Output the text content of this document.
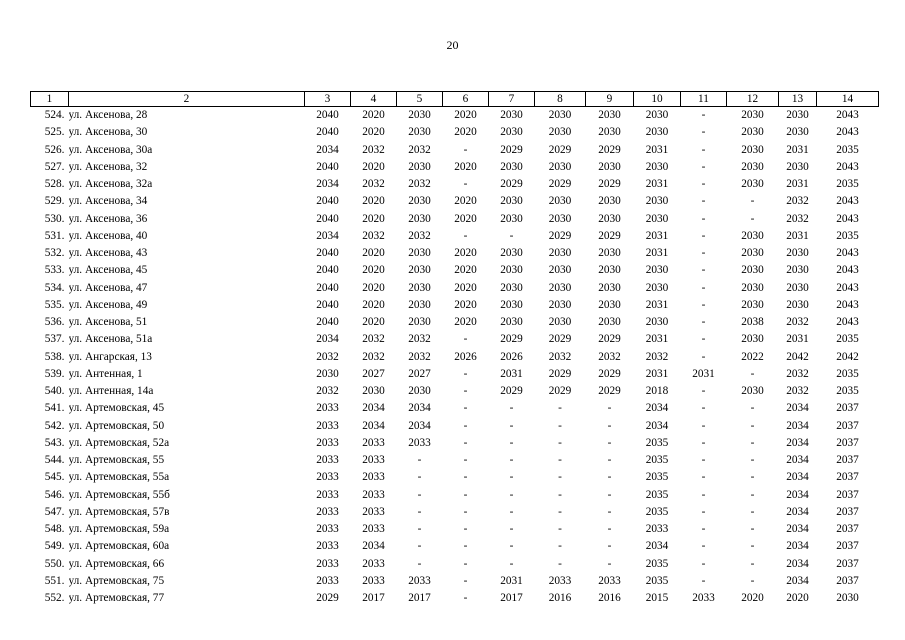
20
1	2	3	4	5	6	7	8	9	10	11	12	13	14
524.	ул. Аксенова, 28	2040	2020	2030	2020	2030	2030	2030	2030	-	2030	2030	2043
525.	ул. Аксенова, 30	2040	2020	2030	2020	2030	2030	2030	2030	-	2030	2030	2043
526.	ул. Аксенова, 30а	2034	2032	2032	-	2029	2029	2029	2031	-	2030	2031	2035
527.	ул. Аксенова, 32	2040	2020	2030	2020	2030	2030	2030	2030	-	2030	2030	2043
528.	ул. Аксенова, 32а	2034	2032	2032	-	2029	2029	2029	2031	-	2030	2031	2035
529.	ул. Аксенова, 34	2040	2020	2030	2020	2030	2030	2030	2030	-	-	2032	2043
530.	ул. Аксенова, 36	2040	2020	2030	2020	2030	2030	2030	2030	-	-	2032	2043
531.	ул. Аксенова, 40	2034	2032	2032	-	-	2029	2029	2031	-	2030	2031	2035
532.	ул. Аксенова, 43	2040	2020	2030	2020	2030	2030	2030	2031	-	2030	2030	2043
533.	ул. Аксенова, 45	2040	2020	2030	2020	2030	2030	2030	2030	-	2030	2030	2043
534.	ул. Аксенова, 47	2040	2020	2030	2020	2030	2030	2030	2030	-	2030	2030	2043
535.	ул. Аксенова, 49	2040	2020	2030	2020	2030	2030	2030	2031	-	2030	2030	2043
536.	ул. Аксенова, 51	2040	2020	2030	2020	2030	2030	2030	2030	-	2038	2032	2043
537.	ул. Аксенова, 51а	2034	2032	2032	-	2029	2029	2029	2031	-	2030	2031	2035
538.	ул. Ангарская, 13	2032	2032	2032	2026	2026	2032	2032	2032	-	2022	2042	2042
539.	ул. Антенная, 1	2030	2027	2027	-	2031	2029	2029	2031	2031	-	2032	2035
540.	ул. Антенная, 14а	2032	2030	2030	-	2029	2029	2029	2018	-	2030	2032	2035
541.	ул. Артемовская, 45	2033	2034	2034	-	-	-	-	2034	-	-	2034	2037
542.	ул. Артемовская, 50	2033	2034	2034	-	-	-	-	2034	-	-	2034	2037
543.	ул. Артемовская, 52а	2033	2033	2033	-	-	-	-	2035	-	-	2034	2037
544.	ул. Артемовская, 55	2033	2033	-	-	-	-	-	2035	-	-	2034	2037
545.	ул. Артемовская, 55а	2033	2033	-	-	-	-	-	2035	-	-	2034	2037
546.	ул. Артемовская, 55б	2033	2033	-	-	-	-	-	2035	-	-	2034	2037
547.	ул. Артемовская, 57в	2033	2033	-	-	-	-	-	2035	-	-	2034	2037
548.	ул. Артемовская, 59а	2033	2033	-	-	-	-	-	2033	-	-	2034	2037
549.	ул. Артемовская, 60а	2033	2034	-	-	-	-	-	2034	-	-	2034	2037
550.	ул. Артемовская, 66	2033	2033	-	-	-	-	-	2035	-	-	2034	2037
551.	ул. Артемовская, 75	2033	2033	2033	-	2031	2033	2033	2035	-	-	2034	2037
552.	ул. Артемовская, 77	2029	2017	2017	-	2017	2016	2016	2015	2033	2020	2020	2030
